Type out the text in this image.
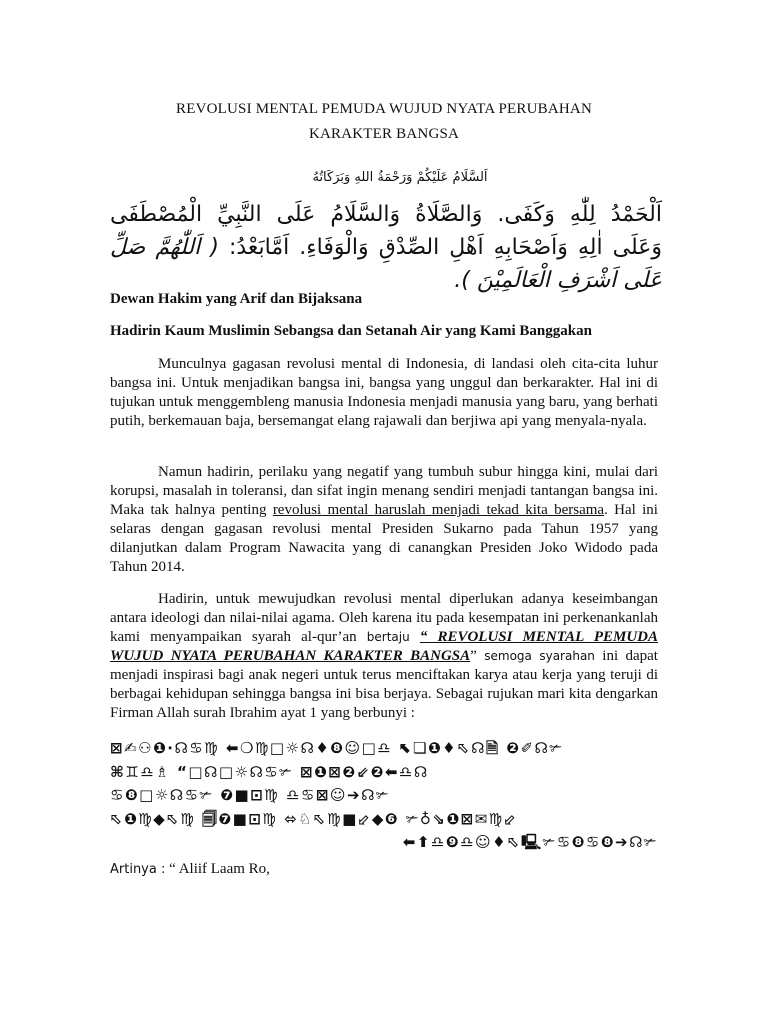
REVOLUSI MENTAL PEMUDA WUJUD NYATA PERUBAHAN
KARAKTER BANGSA
اَلسَّلَامُ عَلَيْكُمْ وَرَحْمَةُ اللهِ وَبَرَكَاتُهُ
اَلْحَمْدُ لِلّٰهِ وَكَفَى. وَالصَّلَاةُ وَالسَّلَامُ عَلَى النَّبِيِّ الْمُصْطَفَى وَعَلَى اٰلِهِ وَاَصْحَابِهِ اَهْلِ الصِّدْقِ وَالْوَفَاءِ. اَمَّابَعْدُ: ( اَللّٰهُمَّ صَلِّ عَلَى اَشْرَفِ الْعَالَمِيْنَ ).
Dewan Hakim yang Arif dan Bijaksana
Hadirin Kaum Muslimin Sebangsa dan Setanah Air yang Kami Banggakan
Munculnya gagasan revolusi mental di Indonesia, di landasi oleh cita-cita luhur bangsa ini. Untuk menjadikan bangsa ini, bangsa yang unggul dan berkarakter. Hal ini di tujukan untuk menggembleng manusia Indonesia menjadi manusia yang baru, yang berhati putih, berkemauan baja, bersemangat elang rajawali dan berjiwa api yang menyala-nyala.
Namun hadirin, perilaku yang negatif yang tumbuh subur hingga kini, mulai dari korupsi, masalah in toleransi, dan sifat ingin menang sendiri menjadi tantangan bangsa ini. Maka tak halnya penting revolusi mental haruslah menjadi tekad kita bersama. Hal ini selaras dengan gagasan revolusi mental Presiden Sukarno pada Tahun 1957 yang dilanjutkan dalam Program Nawacita yang di canangkan Presiden Joko Widodo pada Tahun 2014.
Hadirin, untuk mewujudkan revolusi mental diperlukan adanya keseimbangan antara ideologi dan nilai-nilai agama. Oleh karena itu pada kesempatan ini perkenankanlah kami menyampaikan syarah al-qur’an bertaju “ REVOLUSI MENTAL PEMUDA WUJUD NYATA PERUBAHAN KARAKTER BANGSA” semoga syarahan ini dapat menjadi inspirasi bagi anak negeri untuk terus menciftakan karya atau kerja yang teruji di berbagai kehidupan sehingga bangsa ini bisa berjaya. Sebagai rujukan mari kita dengarkan Firman Allah surah Ibrahim ayat 1 yang berbunyi :
⊠✍⚇❶⋅☊♋♍ ⬅❍♍□☼☊♦❽☺□♎ ⬉❏❶♦⬁☊🗎 ❷✐☊✃
⌘♊♎♗ “□☊□☼☊♋✃ ⊠❶⊠❷⇙❷⬅♎☊
♋❽□☼☊♋✃ ❼■⊡♍ ♎♋⊠☺➔☊✃
⬁❶♍◆⬁♍ 🗐❼■⊡♍ ⬄♘⬁♍■⬃◆❻ ✃♁⇘❶⊠✉♍⬃
⬅⬆♎❾♎☺♦⬁🖳✃♋❽♋❽➔☊✃
Artinya : “ Aliif Laam Ro,
